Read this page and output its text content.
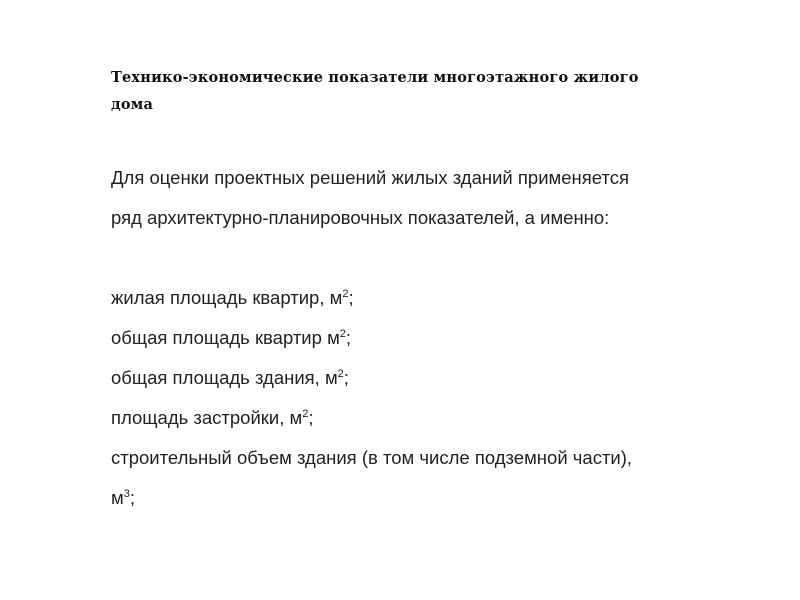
Технико-экономические показатели многоэтажного жилого
дома
Для оценки проектных решений жилых зданий применяется
ряд архитектурно-планировочных показателей, а именно:
жилая площадь квартир, $м^2$;
общая площадь квартир $м^2$;
общая площадь здания, $м^2$;
площадь застройки, $м^2$;
строительный объем здания (в том числе подземной части),
$м^3$;
